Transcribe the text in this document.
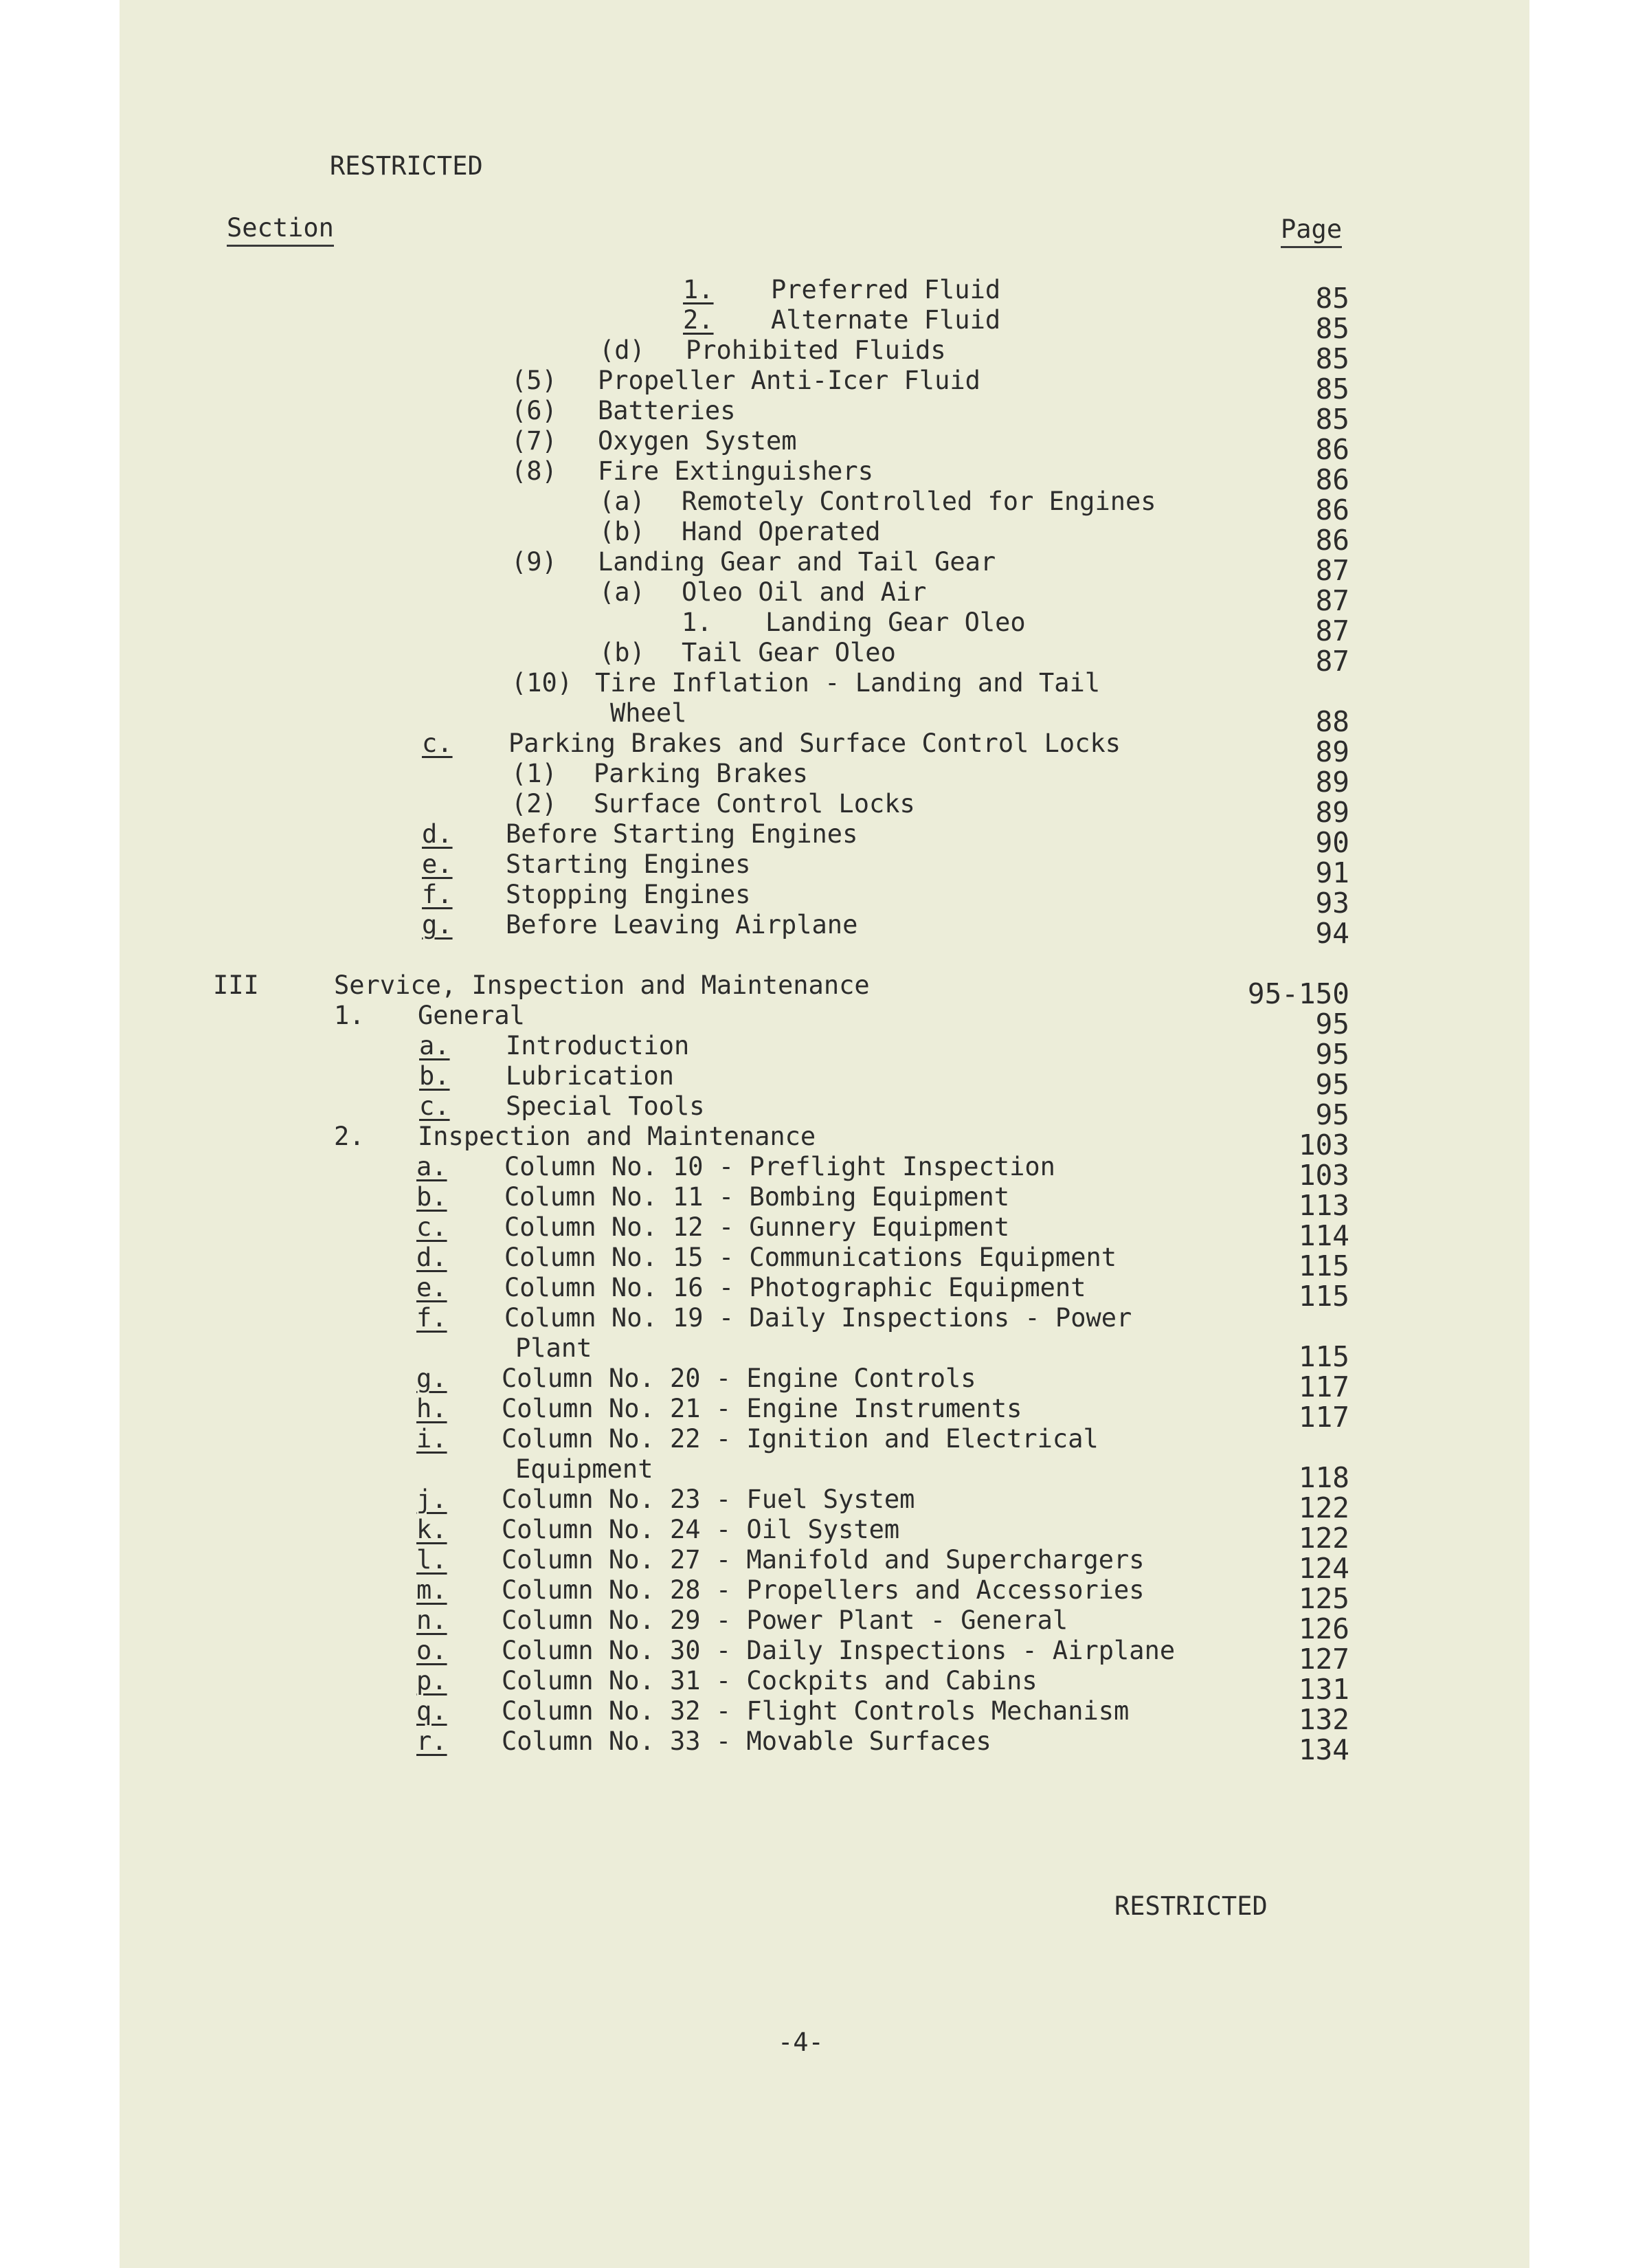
RESTRICTED
Section	Page
1. Preferred Fluid	85
2. Alternate Fluid	85
(d) Prohibited Fluids	85
(5) Propeller Anti-Icer Fluid	85
(6) Batteries	85
(7) Oxygen System	86
(8) Fire Extinguishers	86
(a) Remotely Controlled for Engines	86
(b) Hand Operated	86
(9) Landing Gear and Tail Gear	87
(a) Oleo Oil and Air	87
1. Landing Gear Oleo	87
(b) Tail Gear Oleo	87
(10) Tire Inflation - Landing and Tail
Wheel	88
c. Parking Brakes and Surface Control Locks	89
(1) Parking Brakes	89
(2) Surface Control Locks	89
d. Before Starting Engines	90
e. Starting Engines	91
f. Stopping Engines	93
g. Before Leaving Airplane	94
III	Service, Inspection and Maintenance	95-150
1. General	95
a. Introduction	95
b. Lubrication	95
c. Special Tools	95
2. Inspection and Maintenance	103
a. Column No. 10 - Preflight Inspection	103
b. Column No. 11 - Bombing Equipment	113
c. Column No. 12 - Gunnery Equipment	114
d. Column No. 15 - Communications Equipment	115
e. Column No. 16 - Photographic Equipment	115
f. Column No. 19 - Daily Inspections - Power
Plant	115
g. Column No. 20 - Engine Controls	117
h. Column No. 21 - Engine Instruments	117
i. Column No. 22 - Ignition and Electrical
Equipment	118
j. Column No. 23 - Fuel System	122
k. Column No. 24 - Oil System	122
l. Column No. 27 - Manifold and Superchargers	124
m. Column No. 28 - Propellers and Accessories	125
n. Column No. 29 - Power Plant - General	126
o. Column No. 30 - Daily Inspections - Airplane	127
p. Column No. 31 - Cockpits and Cabins	131
q. Column No. 32 - Flight Controls Mechanism	132
r. Column No. 33 - Movable Surfaces	134
RESTRICTED
-4-
